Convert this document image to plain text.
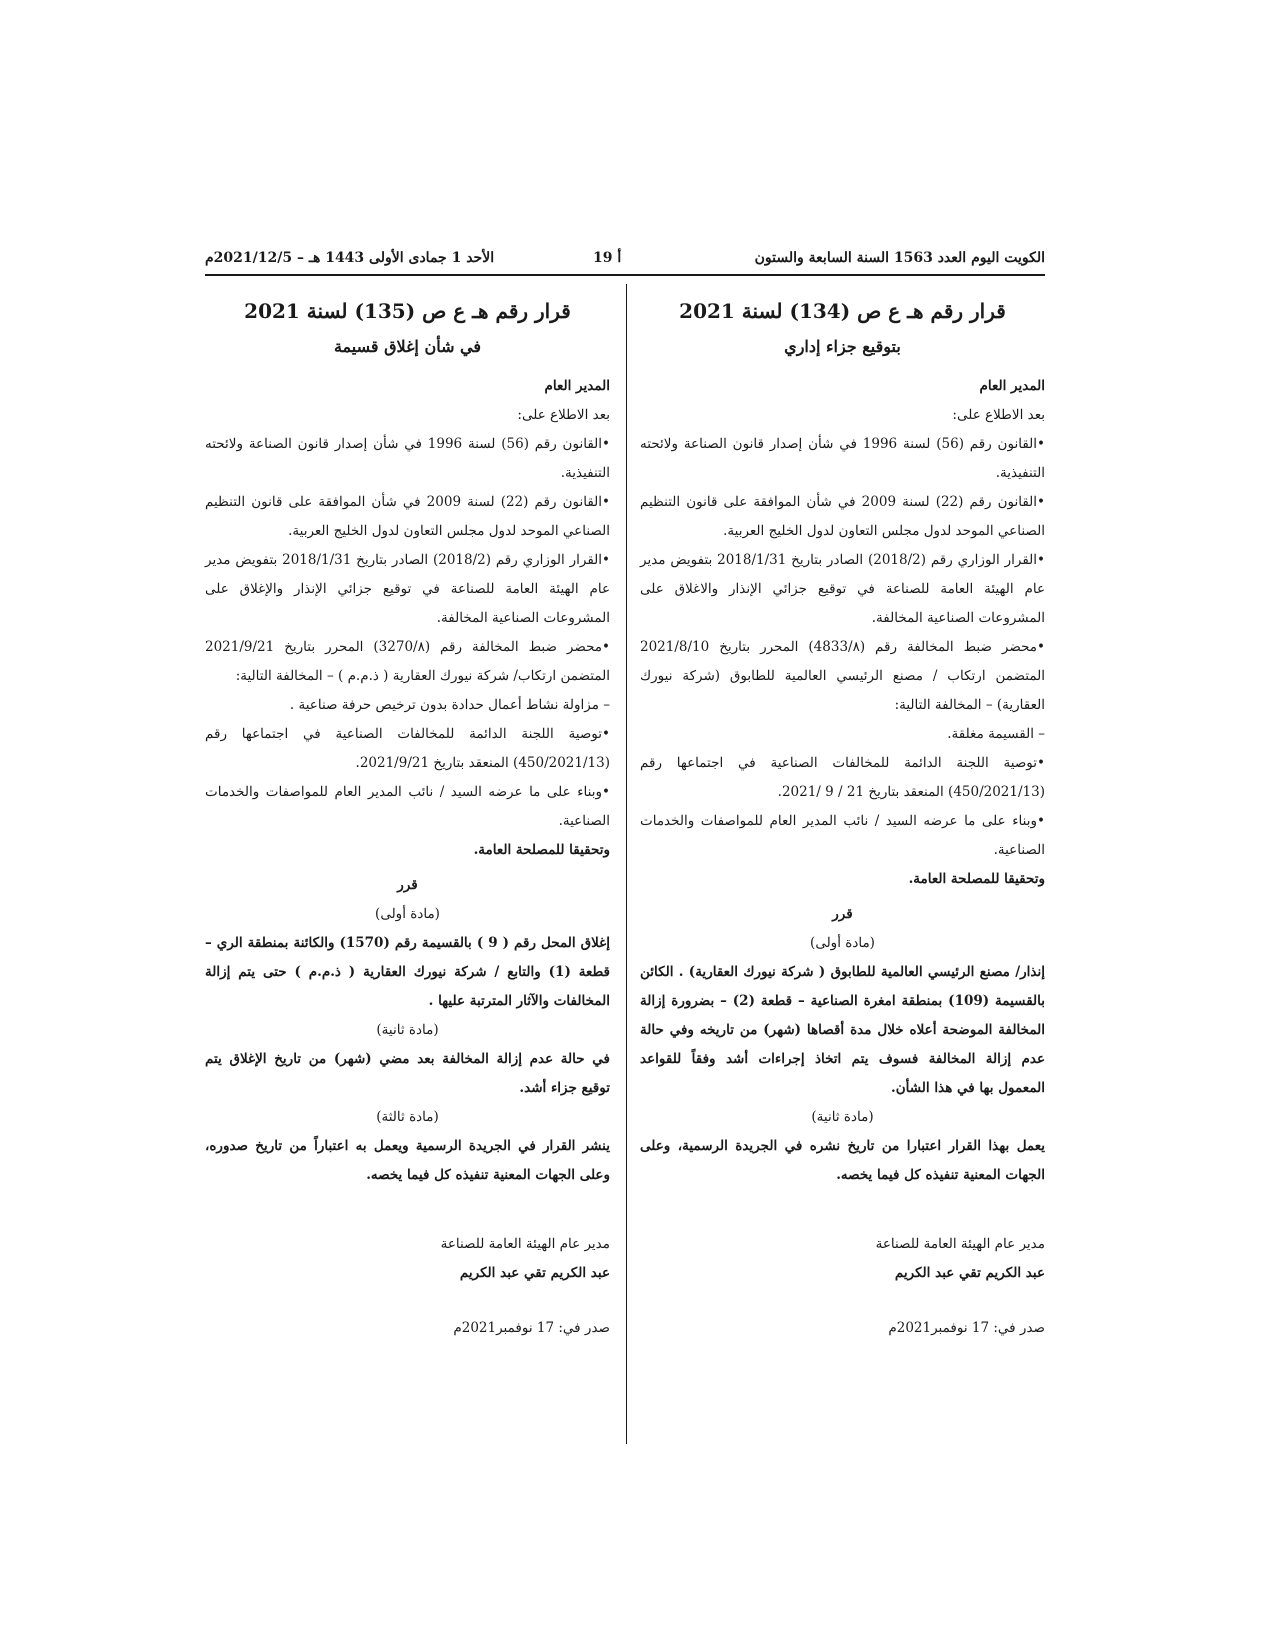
الكويت اليوم العدد 1563 السنة السابعة والستون
أ 19
الأحد 1 جمادى الأولى 1443 هـ – 2021/12/5م
قرار رقم هـ ع ص (134) لسنة 2021
بتوقيع جزاء إداري

المدير العام

بعد الاطلاع على:

• القانون رقم (56) لسنة 1996 في شأن إصدار قانون الصناعة ولائحته التنفيذية.

• القانون رقم (22) لسنة 2009 في شأن الموافقة على قانون التنظيم الصناعي الموحد لدول مجلس التعاون لدول الخليج العربية.

• القرار الوزاري رقم (2018/2) الصادر بتاريخ 2018/1/31 بتفويض مدير عام الهيئة العامة للصناعة في توقيع جزائي الإنذار والاغلاق على المشروعات الصناعية المخالفة.

• محضر ضبط المخالفة رقم (4833/٨) المحرر بتاريخ 2021/8/10 المتضمن ارتكاب / مصنع الرئيسي العالمية للطابوق (شركة نيورك العقارية) – المخالفة التالية:

– القسيمة مغلقة.

• توصية اللجنة الدائمة للمخالفات الصناعية في اجتماعها رقم (450/2021/13) المنعقد بتاريخ 21 / 9 /2021.

• وبناء على ما عرضه السيد / نائب المدير العام للمواصفات والخدمات الصناعية.

وتحقيقا للمصلحة العامة.

قرر

(مادة أولى)

إنذار/ مصنع الرئيسي العالمية للطابوق ( شركة نيورك العقارية) . الكائن بالقسيمة (109) بمنطقة امغرة الصناعية – قطعة (2) – بضرورة إزالة المخالفة الموضحة أعلاه خلال مدة أقصاها (شهر) من تاريخه وفي حالة عدم إزالة المخالفة فسوف يتم اتخاذ إجراءات أشد وفقاً للقواعد المعمول بها في هذا الشأن.

(مادة ثانية)

يعمل بهذا القرار اعتبارا من تاريخ نشره في الجريدة الرسمية، وعلى الجهات المعنية تنفيذه كل فيما يخصه.

مدير عام الهيئة العامة للصناعة

عبد الكريم تقي عبد الكريم

صدر في: 17 نوفمبر2021م

قرار رقم هـ ع ص (135) لسنة 2021
في شأن إغلاق قسيمة

المدير العام

بعد الاطلاع على:

• القانون رقم (56) لسنة 1996 في شأن إصدار قانون الصناعة ولائحته التنفيذية.

• القانون رقم (22) لسنة 2009 في شأن الموافقة على قانون التنظيم الصناعي الموحد لدول مجلس التعاون لدول الخليج العربية.

• القرار الوزاري رقم (2018/2) الصادر بتاريخ 2018/1/31 بتفويض مدير عام الهيئة العامة للصناعة في توقيع جزائي الإنذار والإغلاق على المشروعات الصناعية المخالفة.

• محضر ضبط المخالفة رقم (3270/٨) المحرر بتاريخ 2021/9/21 المتضمن ارتكاب/ شركة نيورك العقارية ( ذ.م.م ) – المخالفة التالية:

– مزاولة نشاط أعمال حدادة بدون ترخيص حرفة صناعية .

• توصية اللجنة الدائمة للمخالفات الصناعية في اجتماعها رقم (450/2021/13) المنعقد بتاريخ 2021/9/21.

• وبناء على ما عرضه السيد / نائب المدير العام للمواصفات والخدمات الصناعية.

وتحقيقا للمصلحة العامة.

قرر

(مادة أولى)

إغلاق المحل رقم ( 9 ) بالقسيمة رقم (1570) والكائنة بمنطقة الري – قطعة (1) والتابع / شركة نيورك العقارية ( ذ.م.م ) حتى يتم إزالة المخالفات والآثار المترتبة عليها .

(مادة ثانية)

في حالة عدم إزالة المخالفة بعد مضي (شهر) من تاريخ الإغلاق يتم توقيع جزاء أشد.

(مادة ثالثة)

ينشر القرار في الجريدة الرسمية ويعمل به اعتباراً من تاريخ صدوره، وعلى الجهات المعنية تنفيذه كل فيما يخصه.

مدير عام الهيئة العامة للصناعة

عبد الكريم تقي عبد الكريم

صدر في: 17 نوفمبر2021م
